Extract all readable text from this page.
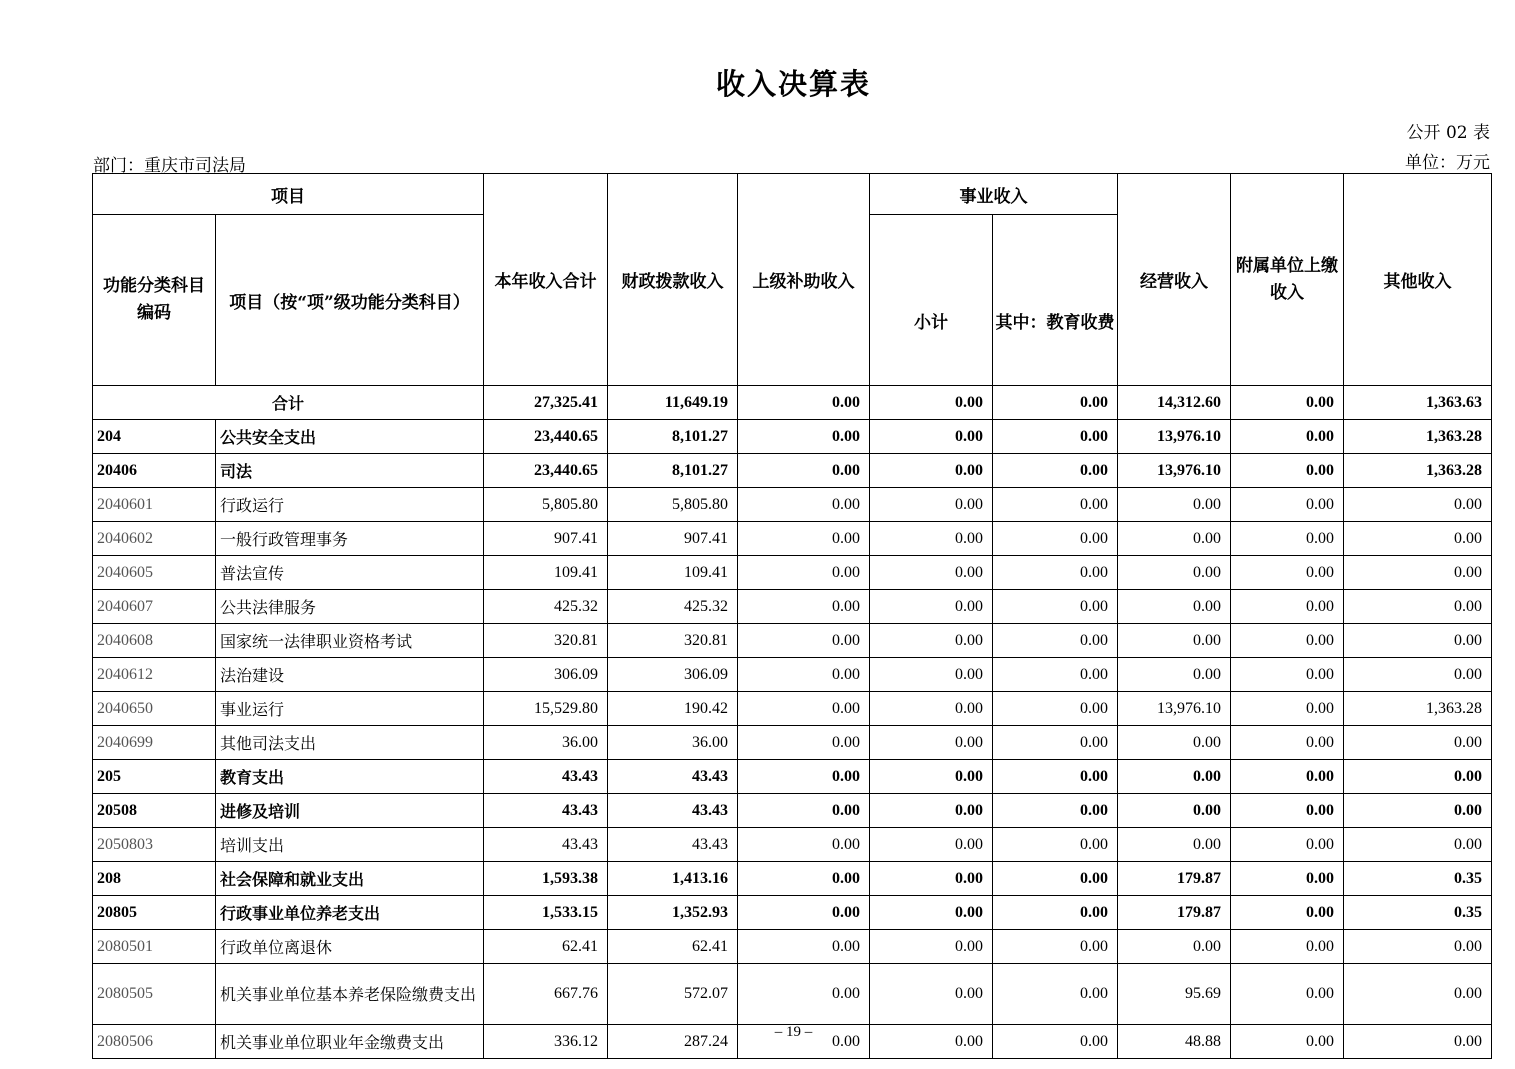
收入决算表
公开 02 表
部门：重庆市司法局	单位：万元
项目		本年收入合计	财政拨款收入	上级补助收入	事业收入		经营收入	附属单位上缴收入	其他收入
功能分类科目编码	项目（按“项”级功能分类科目）				小计	其中：教育收费			
合计		27,325.41	11,649.19	0.00	0.00	0.00	14,312.60	0.00	1,363.63
204	公共安全支出	23,440.65	8,101.27	0.00	0.00	0.00	13,976.10	0.00	1,363.28
20406	司法	23,440.65	8,101.27	0.00	0.00	0.00	13,976.10	0.00	1,363.28
2040601	行政运行	5,805.80	5,805.80	0.00	0.00	0.00	0.00	0.00	0.00
2040602	一般行政管理事务	907.41	907.41	0.00	0.00	0.00	0.00	0.00	0.00
2040605	普法宣传	109.41	109.41	0.00	0.00	0.00	0.00	0.00	0.00
2040607	公共法律服务	425.32	425.32	0.00	0.00	0.00	0.00	0.00	0.00
2040608	国家统一法律职业资格考试	320.81	320.81	0.00	0.00	0.00	0.00	0.00	0.00
2040612	法治建设	306.09	306.09	0.00	0.00	0.00	0.00	0.00	0.00
2040650	事业运行	15,529.80	190.42	0.00	0.00	0.00	13,976.10	0.00	1,363.28
2040699	其他司法支出	36.00	36.00	0.00	0.00	0.00	0.00	0.00	0.00
205	教育支出	43.43	43.43	0.00	0.00	0.00	0.00	0.00	0.00
20508	进修及培训	43.43	43.43	0.00	0.00	0.00	0.00	0.00	0.00
2050803	培训支出	43.43	43.43	0.00	0.00	0.00	0.00	0.00	0.00
208	社会保障和就业支出	1,593.38	1,413.16	0.00	0.00	0.00	179.87	0.00	0.35
20805	行政事业单位养老支出	1,533.15	1,352.93	0.00	0.00	0.00	179.87	0.00	0.35
2080501	行政单位离退休	62.41	62.41	0.00	0.00	0.00	0.00	0.00	0.00
2080505	机关事业单位基本养老保险缴费支出	667.76	572.07	0.00	0.00	0.00	95.69	0.00	0.00
2080506	机关事业单位职业年金缴费支出	336.12	287.24	0.00	0.00	0.00	48.88	0.00	0.00
– 19 –
